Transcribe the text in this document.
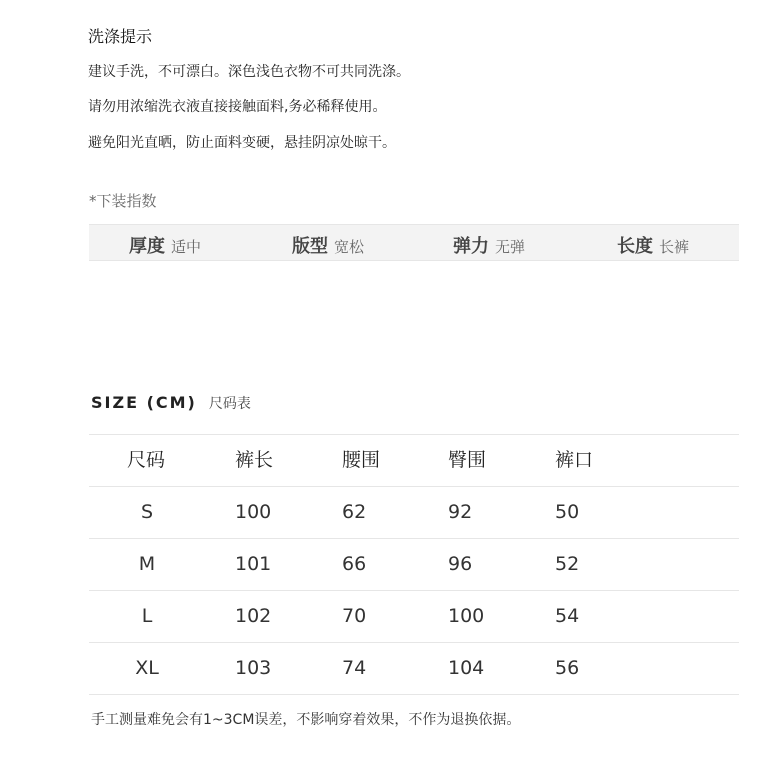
洗涤提示
建议手洗，不可漂白。深色浅色衣物不可共同洗涤。
请勿用浓缩洗衣液直接接触面料,务必稀释使用。
避免阳光直晒，防止面料变硬，悬挂阴凉处晾干。
*下装指数
厚度 适中	版型 宽松	弹力 无弹	长度 长裤
SIZE (CM) 尺码表
尺码	裤长	腰围	臀围	裤口
S	100	62	92	50
M	101	66	96	52
L	102	70	100	54
XL	103	74	104	56
手工测量难免会有1~3CM误差，不影响穿着效果，不作为退换依据。
